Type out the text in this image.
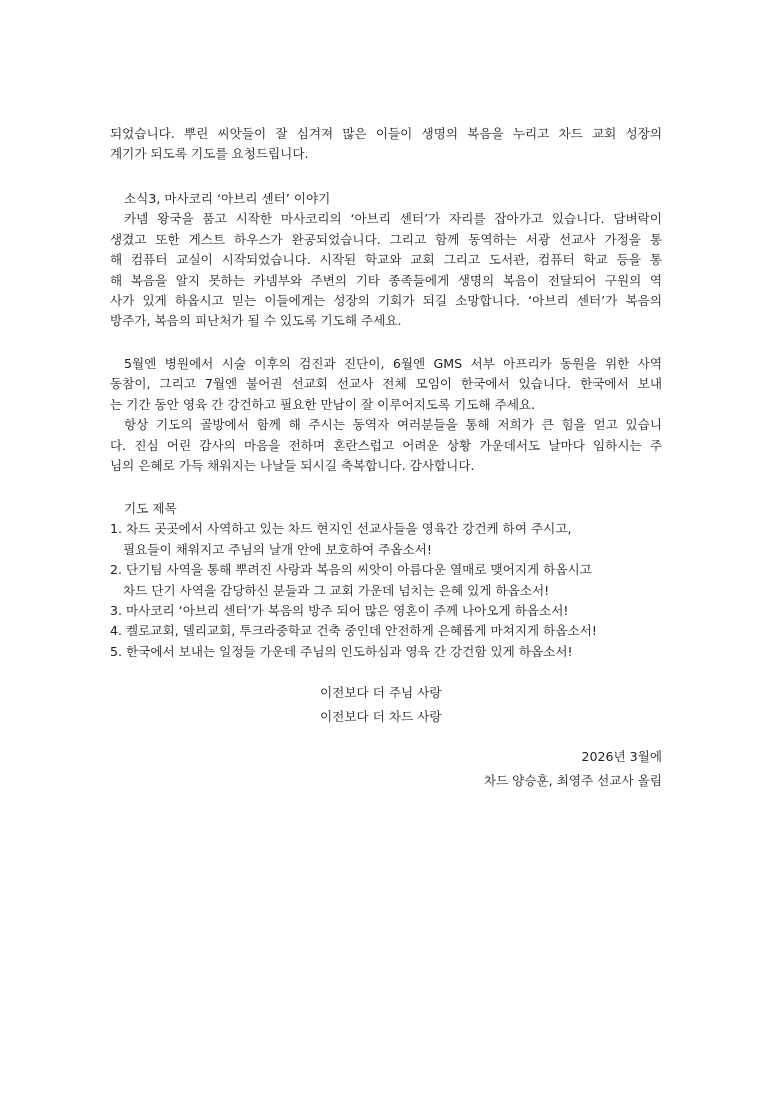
되었습니다. 뿌린 씨앗들이 잘 심겨져 많은 이들이 생명의 복음을 누리고 차드 교회 성장의
계기가 되도록 기도를 요청드립니다.
소식3, 마사코리 ‘아브리 센터’ 이야기
카넴 왕국을 품고 시작한 마사코리의 ‘아브리 센터’가 자리를 잡아가고 있습니다. 담벼락이
생겼고 또한 게스트 하우스가 완공되었습니다. 그리고 함께 동역하는 서광 선교사 가정을 통
해 컴퓨터 교실이 시작되었습니다. 시작된 학교와 교회 그리고 도서관, 컴퓨터 학교 등을 통
해 복음을 알지 못하는 카넴부와 주변의 기타 종족들에게 생명의 복음이 전달되어 구원의 역
사가 있게 하옵시고 믿는 이들에게는 성장의 기회가 되길 소망합니다. ‘아브리 센터’가 복음의
방주가, 복음의 피난처가 될 수 있도록 기도해 주세요.
5월엔 병원에서 시술 이후의 검진과 진단이, 6월엔 GMS 서부 아프리카 동원을 위한 사역
동참이, 그리고 7월엔 불어권 선교회 선교사 전체 모임이 한국에서 있습니다. 한국에서 보내
는 기간 동안 영육 간 강건하고 필요한 만남이 잘 이루어지도록 기도해 주세요.
항상 기도의 골방에서 함께 해 주시는 동역자 여러분들을 통해 저희가 큰 힘을 얻고 있습니
다. 진심 어린 감사의 마음을 전하며 혼란스럽고 어려운 상황 가운데서도 날마다 임하시는 주
님의 은혜로 가득 채워지는 나날들 되시길 축복합니다. 감사합니다.
기도 제목
1. 차드 곳곳에서 사역하고 있는 차드 현지인 선교사들을 영육간 강건케 하여 주시고,
필요들이 채워지고 주님의 날개 안에 보호하여 주옵소서!
2. 단기팀 사역을 통해 뿌려진 사랑과 복음의 씨앗이 아름다운 열매로 맺어지게 하옵시고
차드 단기 사역을 감당하신 분들과 그 교회 가운데 넘치는 은혜 있게 하옵소서!
3. 마사코리 ‘아브리 센터’가 복음의 방주 되어 많은 영혼이 주께 나아오게 하옵소서!
4. 켈로교회, 델리교회, 투크라중학교 건축 중인데 안전하게 은혜롭게 마쳐지게 하옵소서!
5. 한국에서 보내는 일정들 가운데 주님의 인도하심과 영육 간 강건함 있게 하옵소서!
이전보다 더 주님 사랑
이전보다 더 차드 사랑
2026년 3월에
차드 양승훈, 최영주 선교사 올림
